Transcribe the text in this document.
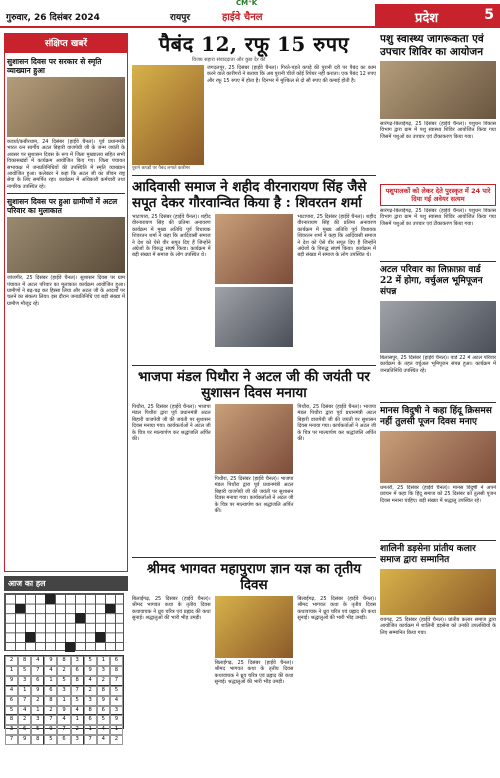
CM⁺K
गुरुवार, 26 दिसंबर 2024	रायपुर	हाईवे चैनल	प्रदेश	5
संक्षिप्त खबरें
सुशासन दिवस पर सरकार से स्मृति व्याख्यान हुआ
कवर्धा/कबीरधाम, 24 दिसंबर (हाईवे चैनल)। पूर्व प्रधानमंत्री भारत रत्न स्वर्गीय अटल बिहारी वाजपेयी जी के जन्म जयंती के अवसर पर सुशासन दिवस के रूप में जिला मुख्यालय सहित सभी विकासखंडों में कार्यक्रम आयोजित किए गए। जिला पंचायत सभाकक्ष में जनप्रतिनिधियों की उपस्थिति में स्मृति व्याख्यान आयोजित हुआ। कलेक्टर ने कहा कि अटल जी का जीवन राष्ट्र सेवा के लिए समर्पित रहा। कार्यक्रम में अधिकारी कर्मचारी तथा नागरिक उपस्थित रहे।
सुशासन दिवस पर हुआ ग्रामीणों में अटल परिवार का मुलाकात
जांजगीर, 25 दिसंबर (हाईवे चैनल)। सुशासन दिवस पर ग्राम पंचायत में अटल परिवार का मुलाकात कार्यक्रम आयोजित हुआ। ग्रामीणों ने बढ़-चढ़ कर हिस्सा लिया और अटल जी के आदर्शों पर चलने का संकल्प लिया। इस दौरान जनप्रतिनिधि एवं बड़ी संख्या में ग्रामीण मौजूद रहे।
आज का हल
2	8	4	9	8	3	5	1	6
1	5	7	4	2	6	9	3	8
9	3	6	1	5	8	4	2	7
4	1	9	6	3	7	2	8	5
6	7	2	8	1	5	3	9	4
5	4	1	2	9	4	8	6	3
8	2	3	7	4	1	6	5	9
3	6	5	9	7	2	1	4	1
7	9	8	5	6	3	7	4	2
पैबंद 12, रफू 15 रुपए
विजय सहारा संवाददाता और कुछ देर की
जगदलपुर, 25 दिसंबर (हाईवे चैनल)। गिरते-पड़ते कपड़े की पुरानी दरी पर पैबंद का काम करने वाले कारीगरों ने बताया कि अब पुरानी चीजें कोई रिपेयर नहीं कराता। एक पैबंद 12 रुपए और रफू 15 रुपए में होता है। दिनभर में मुश्किल से दो सौ रुपए की कमाई होती है।
पुराने कपड़ों पर पैबंद लगाते कारीगर
आदिवासी समाज ने शहीद वीरनारायण सिंह जैसे सपूत देकर गौरवान्वित किया है : शिवरतन शर्मा
भाटापारा, 25 दिसंबर (हाईवे चैनल)। शहीद वीरनारायण सिंह की प्रतिमा अनावरण कार्यक्रम में मुख्य अतिथि पूर्व विधायक शिवरतन शर्मा ने कहा कि आदिवासी समाज ने देश को ऐसे वीर सपूत दिए हैं जिन्होंने अंग्रेजों के विरुद्ध संघर्ष किया। कार्यक्रम में बड़ी संख्या में समाज के लोग उपस्थित थे।
भाटापारा, 25 दिसंबर (हाईवे चैनल)। शहीद वीरनारायण सिंह की प्रतिमा अनावरण कार्यक्रम में मुख्य अतिथि पूर्व विधायक शिवरतन शर्मा ने कहा कि आदिवासी समाज ने देश को ऐसे वीर सपूत दिए हैं जिन्होंने अंग्रेजों के विरुद्ध संघर्ष किया। कार्यक्रम में बड़ी संख्या में समाज के लोग उपस्थित थे।
भाजपा मंडल पिथौरा ने अटल जी की जयंती पर सुशासन दिवस मनाया
पिथौरा, 25 दिसंबर (हाईवे चैनल)। भाजपा मंडल पिथौरा द्वारा पूर्व प्रधानमंत्री अटल बिहारी वाजपेयी जी की जयंती पर सुशासन दिवस मनाया गया। कार्यकर्ताओं ने अटल जी के चित्र पर माल्यार्पण कर श्रद्धांजलि अर्पित की।
पिथौरा, 25 दिसंबर (हाईवे चैनल)। भाजपा मंडल पिथौरा द्वारा पूर्व प्रधानमंत्री अटल बिहारी वाजपेयी जी की जयंती पर सुशासन दिवस मनाया गया। कार्यकर्ताओं ने अटल जी के चित्र पर माल्यार्पण कर श्रद्धांजलि अर्पित की।
पिथौरा, 25 दिसंबर (हाईवे चैनल)। भाजपा मंडल पिथौरा द्वारा पूर्व प्रधानमंत्री अटल बिहारी वाजपेयी जी की जयंती पर सुशासन दिवस मनाया गया। कार्यकर्ताओं ने अटल जी के चित्र पर माल्यार्पण कर श्रद्धांजलि अर्पित की।
श्रीमद भागवत महापुराण ज्ञान यज्ञ का तृतीय दिवस
बिलाईगढ़, 25 दिसंबर (हाईवे चैनल)। श्रीमद भागवत कथा के तृतीय दिवस कथावाचक ने ध्रुव चरित्र एवं प्रह्लाद की कथा सुनाई। श्रद्धालुओं की भारी भीड़ उमड़ी।
बिलाईगढ़, 25 दिसंबर (हाईवे चैनल)। श्रीमद भागवत कथा के तृतीय दिवस कथावाचक ने ध्रुव चरित्र एवं प्रह्लाद की कथा सुनाई। श्रद्धालुओं की भारी भीड़ उमड़ी।
बिलाईगढ़, 25 दिसंबर (हाईवे चैनल)। श्रीमद भागवत कथा के तृतीय दिवस कथावाचक ने ध्रुव चरित्र एवं प्रह्लाद की कथा सुनाई। श्रद्धालुओं की भारी भीड़ उमड़ी।
पशु स्वास्थ्य जागरूकता एवं उपचार शिविर का आयोजन
सारंगढ़-बिलाईगढ़, 25 दिसंबर (हाईवे चैनल)। पशुधन विकास विभाग द्वारा ग्राम में पशु स्वास्थ्य शिविर आयोजित किया गया जिसमें पशुओं का उपचार एवं टीकाकरण किया गया।
पशुपालकों को लेकर देते पुरस्कृत में 24 पारे दिया गई अवेयर सत्यम
सारंगढ़-बिलाईगढ़, 25 दिसंबर (हाईवे चैनल)। पशुधन विकास विभाग द्वारा ग्राम में पशु स्वास्थ्य शिविर आयोजित किया गया जिसमें पशुओं का उपचार एवं टीकाकरण किया गया।
अटल परिवार का लिफ़ाफ़ा वार्ड 22 में होगा, वर्चुअल भूमिपूजन संपन्न
बिलासपुर, 25 दिसंबर (हाईवे चैनल)। वार्ड 22 में अटल परिवार कार्यक्रम के तहत वर्चुअल भूमिपूजन संपन्न हुआ। कार्यक्रम में जनप्रतिनिधि उपस्थित रहे।
मानस विदुषी ने कहा हिंदू क्रिसमस नहीं तुलसी पूजन दिवस मनाए
धमतरी, 25 दिसंबर (हाईवे चैनल)। मानस विदुषी ने अपने प्रवचन में कहा कि हिंदू समाज को 25 दिसंबर को तुलसी पूजन दिवस मनाना चाहिए। बड़ी संख्या में श्रद्धालु उपस्थित रहे।
शालिनी डड़सेना प्रांतीय कलार समाज द्वारा सम्मानित
रायगढ़, 25 दिसंबर (हाईवे चैनल)। प्रांतीय कलार समाज द्वारा आयोजित कार्यक्रम में शालिनी डड़सेना को उनकी उपलब्धियों के लिए सम्मानित किया गया।
